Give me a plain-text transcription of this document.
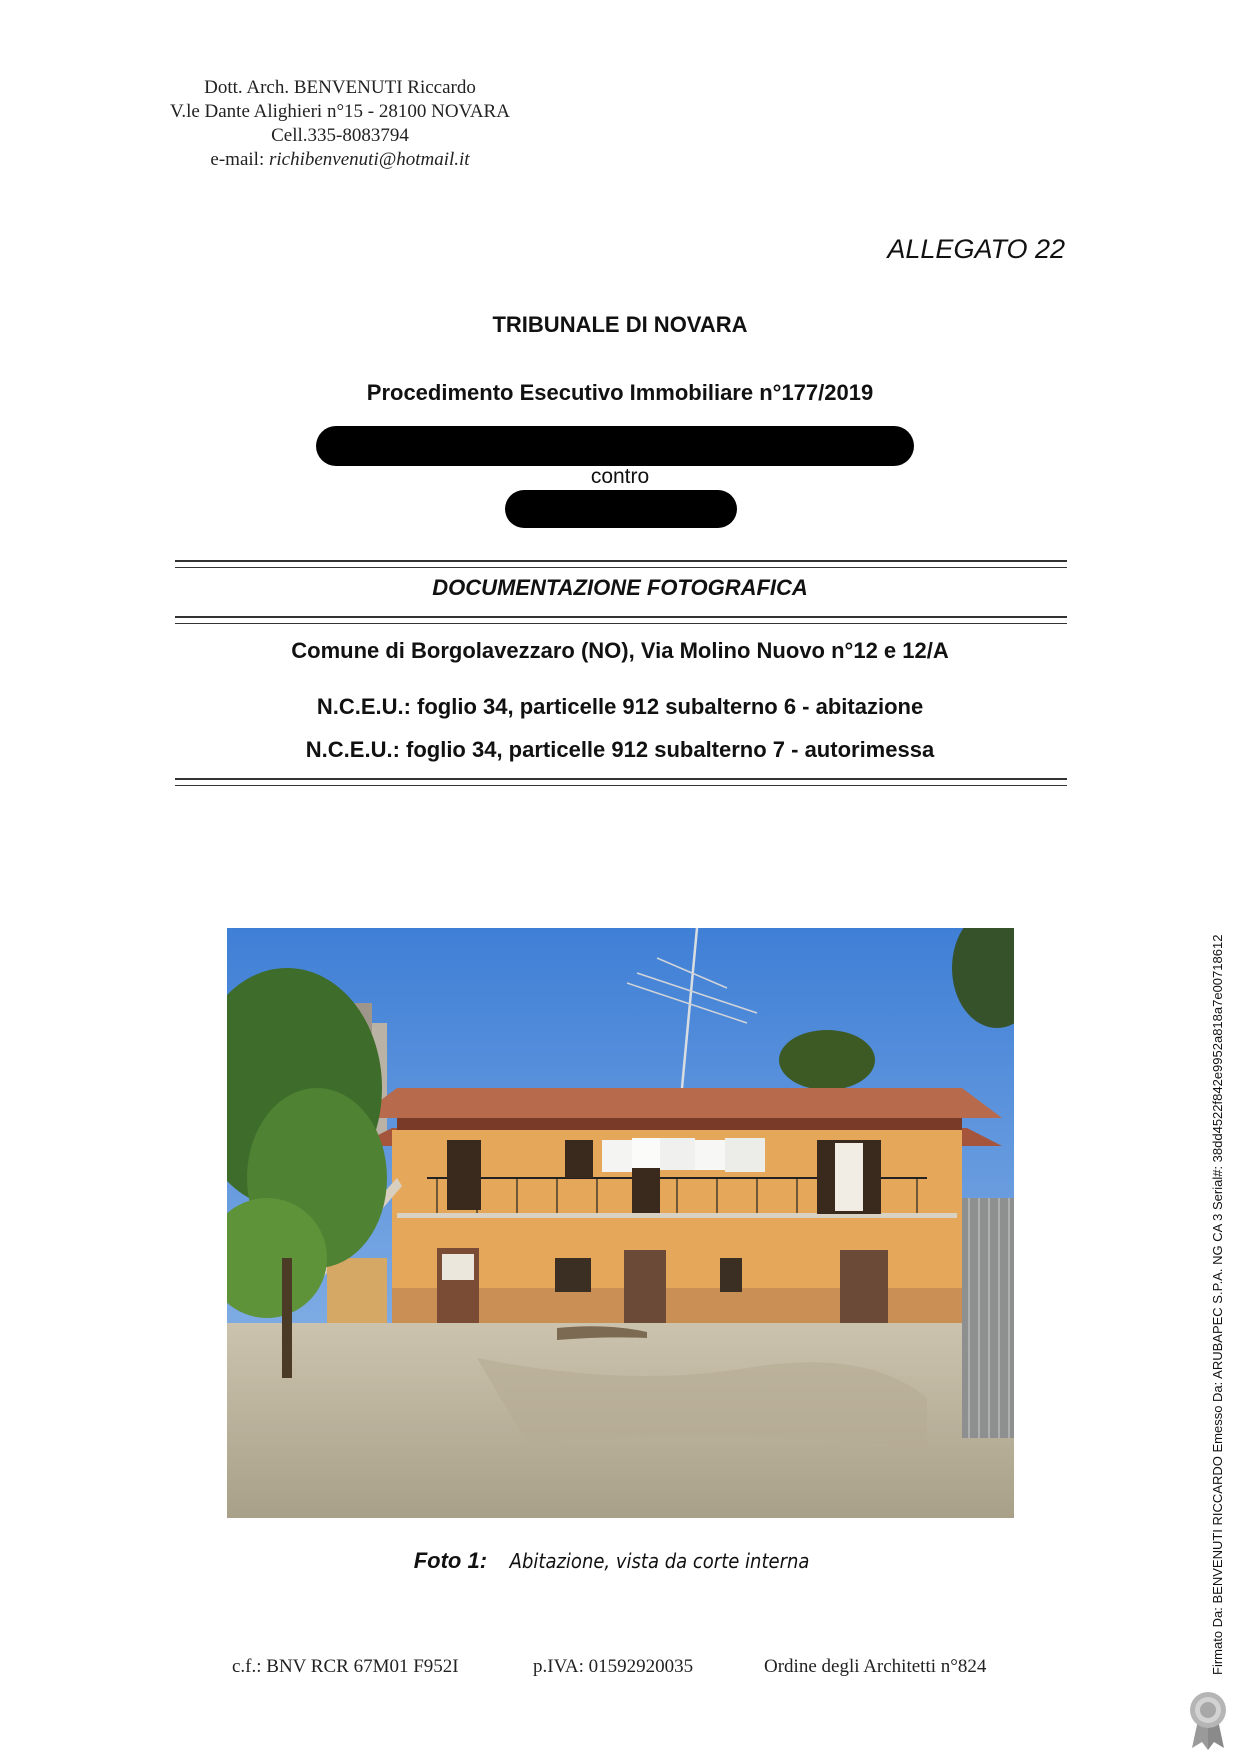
Dott. Arch. BENVENUTI Riccardo
V.le Dante Alighieri n°15 - 28100 NOVARA
Cell.335-8083794
e-mail: richibenvenuti@hotmail.it
ALLEGATO 22
TRIBUNALE DI NOVARA
Procedimento Esecutivo Immobiliare n°177/2019
contro
DOCUMENTAZIONE FOTOGRAFICA
Comune di Borgolavezzaro (NO), Via Molino Nuovo n°12 e 12/A
N.C.E.U.: foglio 34, particelle 912 subalterno 6 - abitazione
N.C.E.U.: foglio 34, particelle 912 subalterno 7 - autorimessa
Foto 1: Abitazione, vista da corte interna
c.f.: BNV RCR 67M01 F952I	p.IVA: 01592920035	Ordine degli Architetti n°824	Firmato Da: BENVENUTI RICCARDO Emesso Da: ARUBAPEC S.P.A. NG CA 3 Serial#: 38dd4522f842e9952a818a7e00718612
